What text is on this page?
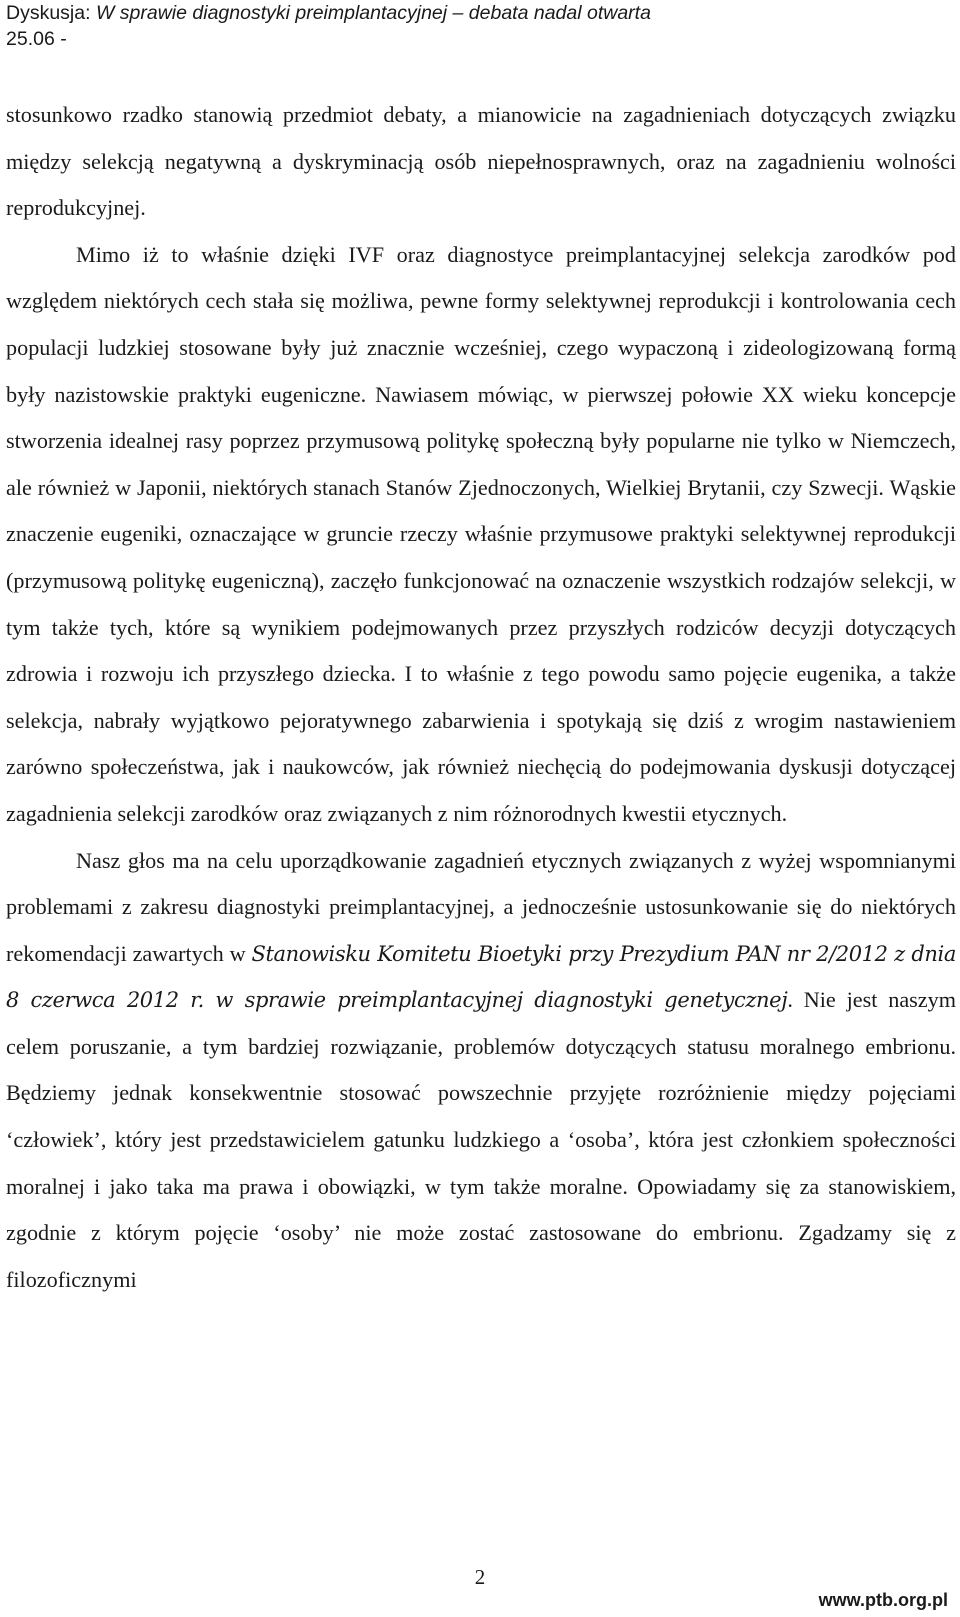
Dyskusja: W sprawie diagnostyki preimplantacyjnej – debata nadal otwarta
25.06 -

stosunkowo rzadko stanowią przedmiot debaty, a mianowicie na zagadnieniach dotyczących związku między selekcją negatywną a dyskryminacją osób niepełnosprawnych, oraz na zagadnieniu wolności reprodukcyjnej.

Mimo iż to właśnie dzięki IVF oraz diagnostyce preimplantacyjnej selekcja zarodków pod względem niektórych cech stała się możliwa, pewne formy selektywnej reprodukcji i kontrolowania cech populacji ludzkiej stosowane były już znacznie wcześniej, czego wypaczoną i zideologizowaną formą były nazistowskie praktyki eugeniczne. Nawiasem mówiąc, w pierwszej połowie XX wieku koncepcje stworzenia idealnej rasy poprzez przymusową politykę społeczną były popularne nie tylko w Niemczech, ale również w Japonii, niektórych stanach Stanów Zjednoczonych, Wielkiej Brytanii, czy Szwecji. Wąskie znaczenie eugeniki, oznaczające w gruncie rzeczy właśnie przymusowe praktyki selektywnej reprodukcji (przymusową politykę eugeniczną), zaczęło funkcjonować na oznaczenie wszystkich rodzajów selekcji, w tym także tych, które są wynikiem podejmowanych przez przyszłych rodziców decyzji dotyczących zdrowia i rozwoju ich przyszłego dziecka. I to właśnie z tego powodu samo pojęcie eugenika, a także selekcja, nabrały wyjątkowo pejoratywnego zabarwienia i spotykają się dziś z wrogim nastawieniem zarówno społeczeństwa, jak i naukowców, jak również niechęcią do podejmowania dyskusji dotyczącej zagadnienia selekcji zarodków oraz związanych z nim różnorodnych kwestii etycznych.

Nasz głos ma na celu uporządkowanie zagadnień etycznych związanych z wyżej wspomnianymi problemami z zakresu diagnostyki preimplantacyjnej, a jednocześnie ustosunkowanie się do niektórych rekomendacji zawartych w Stanowisku Komitetu Bioetyki przy Prezydium PAN nr 2/2012 z dnia 8 czerwca 2012 r. w sprawie preimplantacyjnej diagnostyki genetycznej. Nie jest naszym celem poruszanie, a tym bardziej rozwiązanie, problemów dotyczących statusu moralnego embrionu. Będziemy jednak konsekwentnie stosować powszechnie przyjęte rozróżnienie między pojęciami ‘człowiek’, który jest przedstawicielem gatunku ludzkiego a ‘osoba’, która jest członkiem społeczności moralnej i jako taka ma prawa i obowiązki, w tym także moralne. Opowiadamy się za stanowiskiem, zgodnie z którym pojęcie ‘osoby’ nie może zostać zastosowane do embrionu. Zgadzamy się z filozoficznymi

2
www.ptb.org.pl
